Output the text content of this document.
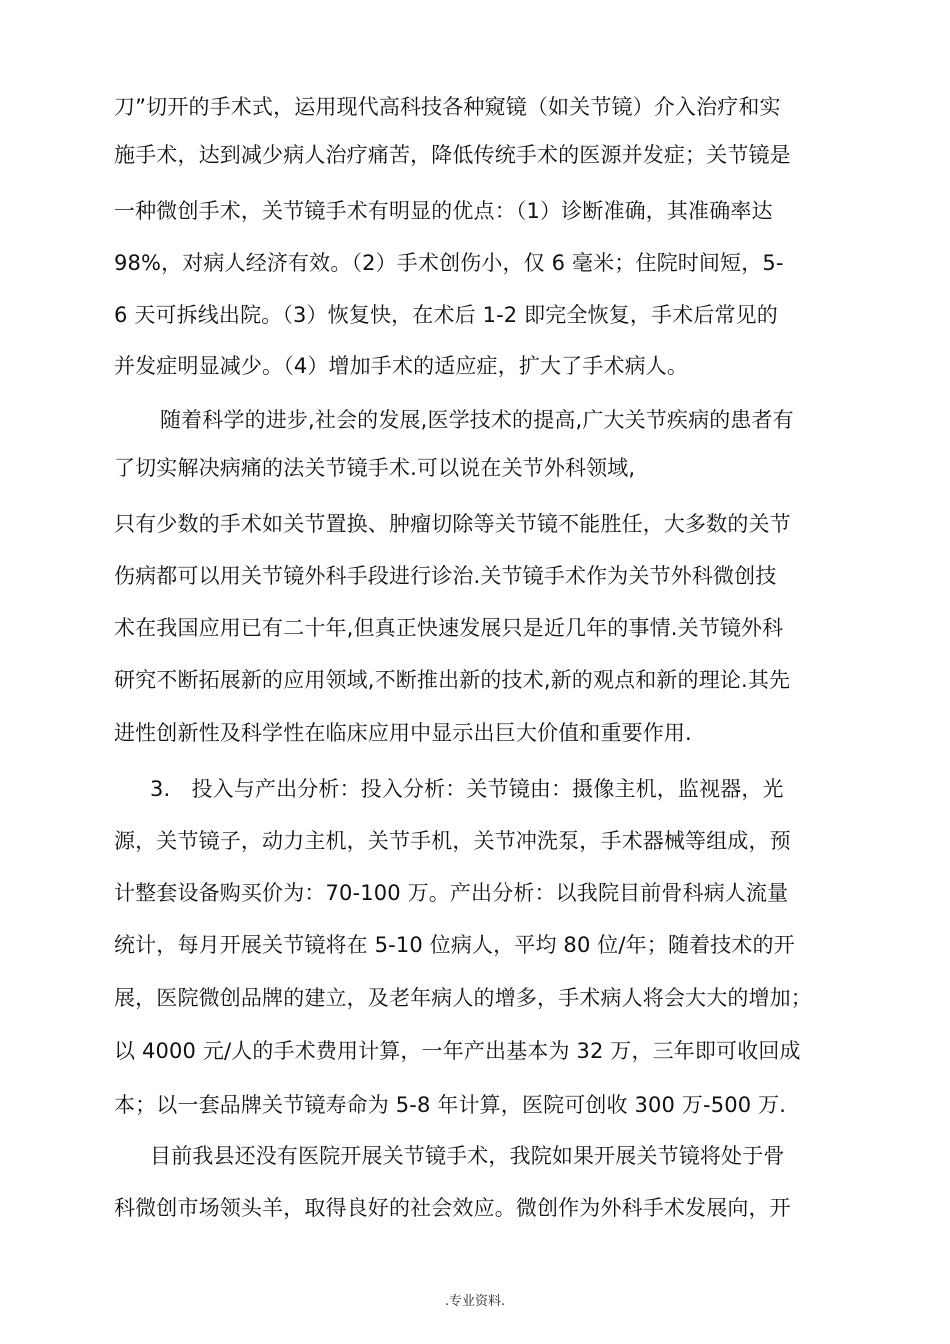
刀”切开的手术式，运用现代高科技各种窥镜（如关节镜）介入治疗和实
施手术，达到减少病人治疗痛苦，降低传统手术的医源并发症；关节镜是
一种微创手术，关节镜手术有明显的优点：（1）诊断准确，其准确率达
98%，对病人经济有效。（2）手术创伤小，仅 6 毫米；住院时间短，5-
6 天可拆线出院。（3）恢复快，在术后 1-2 即完全恢复，手术后常见的
并发症明显减少。（4）增加手术的适应症，扩大了手术病人。
随着科学的进步,社会的发展,医学技术的提高,广大关节疾病的患者有
了切实解决病痛的法关节镜手术.可以说在关节外科领域,
只有少数的手术如关节置换、肿瘤切除等关节镜不能胜任，大多数的关节
伤病都可以用关节镜外科手段进行诊治.关节镜手术作为关节外科微创技
术在我国应用已有二十年,但真正快速发展只是近几年的事情.关节镜外科
研究不断拓展新的应用领域,不断推出新的技术,新的观点和新的理论.其先
进性创新性及科学性在临床应用中显示出巨大价值和重要作用.
3.　投入与产出分析：投入分析：关节镜由：摄像主机，监视器，光
源，关节镜子，动力主机，关节手机，关节冲洗泵，手术器械等组成，预
计整套设备购买价为：70-100 万。产出分析：以我院目前骨科病人流量
统计，每月开展关节镜将在 5-10 位病人，平均 80 位/年；随着技术的开
展，医院微创品牌的建立，及老年病人的增多，手术病人将会大大的增加；
以 4000 元/人的手术费用计算，一年产出基本为 32 万，三年即可收回成
本；以一套品牌关节镜寿命为 5-8 年计算，医院可创收 300 万-500 万.
目前我县还没有医院开展关节镜手术，我院如果开展关节镜将处于骨
科微创市场领头羊，取得良好的社会效应。微创作为外科手术发展向，开
.专业资料.
